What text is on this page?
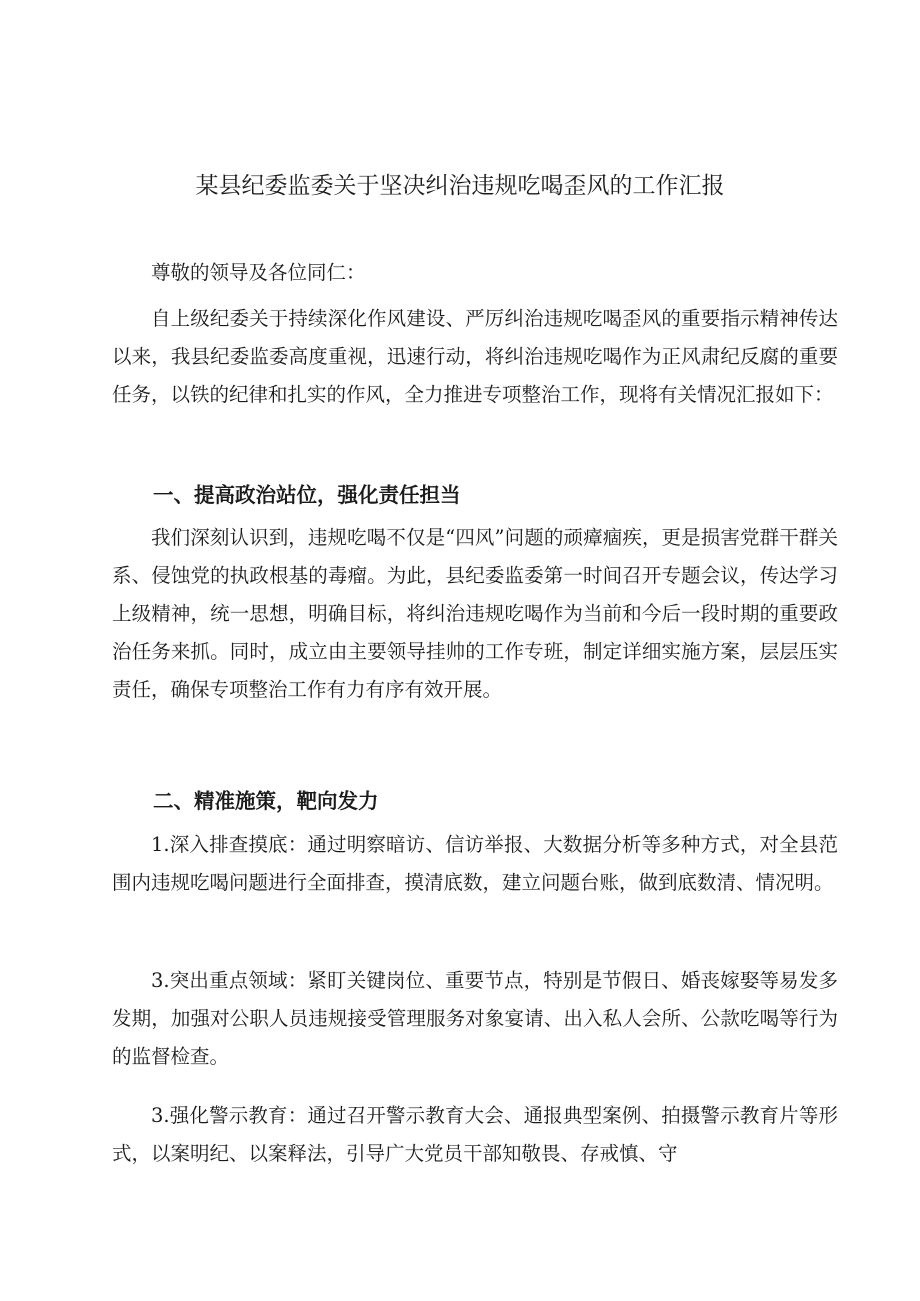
某县纪委监委关于坚决纠治违规吃喝歪风的工作汇报

尊敬的领导及各位同仁：

自上级纪委关于持续深化作风建设、严厉纠治违规吃喝歪风的重要指示精神传达以来，我县纪委监委高度重视，迅速行动，将纠治违规吃喝作为正风肃纪反腐的重要任务，以铁的纪律和扎实的作风，全力推进专项整治工作，现将有关情况汇报如下：

一、提高政治站位，强化责任担当

我们深刻认识到，违规吃喝不仅是“四风”问题的顽瘴痼疾，更是损害党群干群关系、侵蚀党的执政根基的毒瘤。为此，县纪委监委第一时间召开专题会议，传达学习上级精神，统一思想，明确目标，将纠治违规吃喝作为当前和今后一段时期的重要政治任务来抓。同时，成立由主要领导挂帅的工作专班，制定详细实施方案，层层压实责任，确保专项整治工作有力有序有效开展。

二、精准施策，靶向发力

1.深入排查摸底：通过明察暗访、信访举报、大数据分析等多种方式，对全县范围内违规吃喝问题进行全面排查，摸清底数，建立问题台账，做到底数清、情况明。

3.突出重点领域：紧盯关键岗位、重要节点，特别是节假日、婚丧嫁娶等易发多发期，加强对公职人员违规接受管理服务对象宴请、出入私人会所、公款吃喝等行为的监督检查。

3.强化警示教育：通过召开警示教育大会、通报典型案例、拍摄警示教育片等形式，以案明纪、以案释法，引导广大党员干部知敬畏、存戒慎、守
